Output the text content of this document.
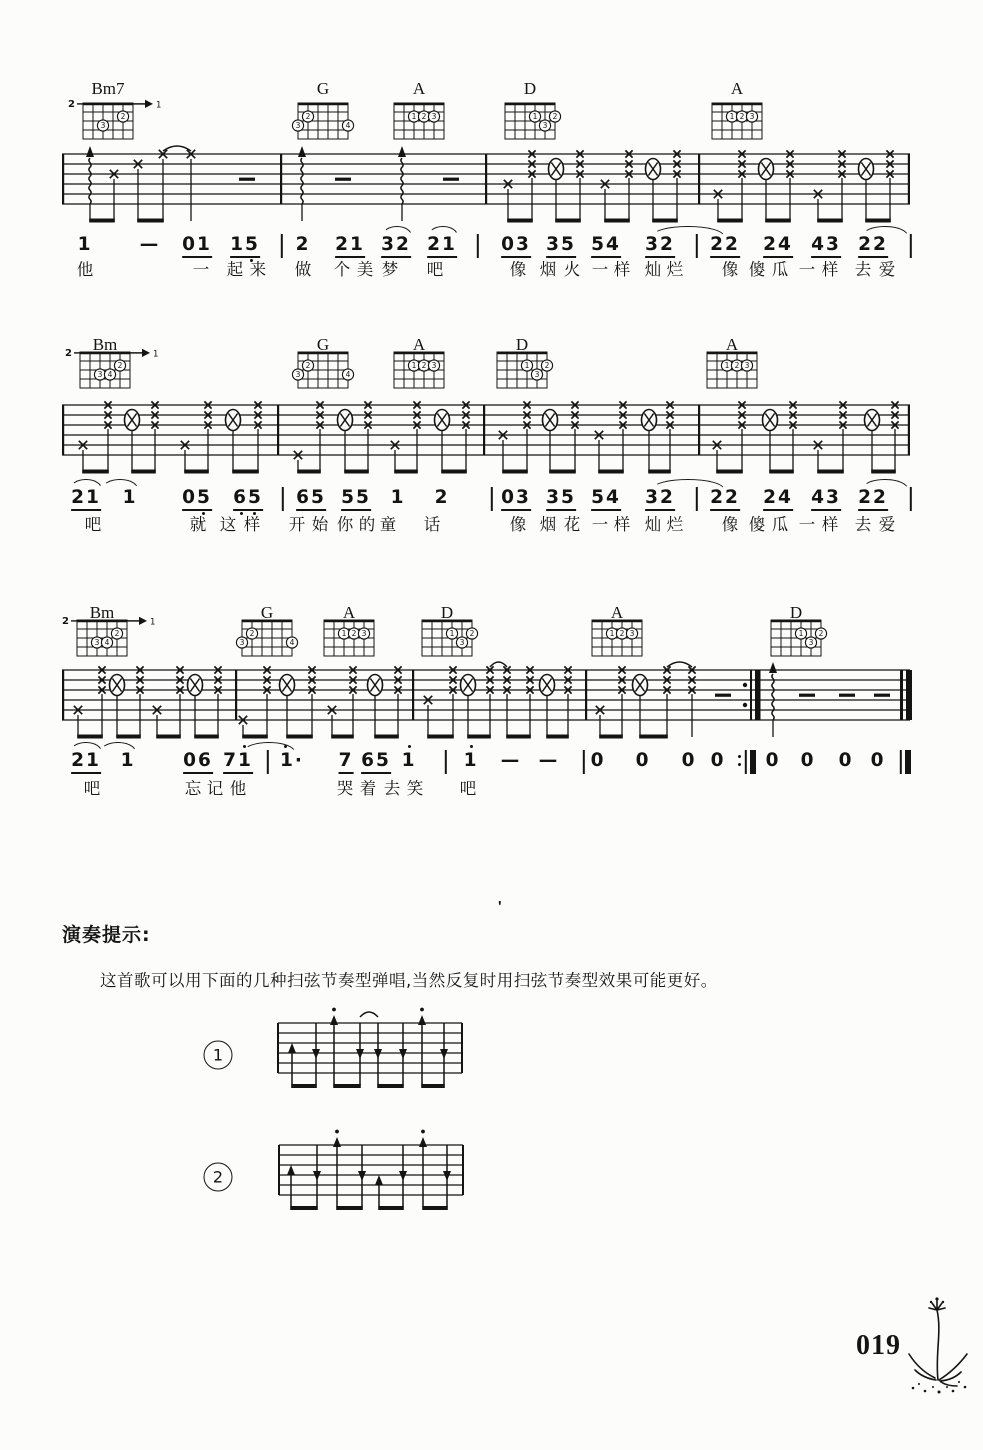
Bm7
2
3
2	1
G
2
3	4
A
1 2 3
D
1 2
3
A
1 2 3
1	— 01 15 2 21 32 21 03 35 54 32 22 24 43 22
他	一 起 来 做 个 美 梦 吧	像 烟 火 一 样 灿 烂 像 傻 瓜 一 样 去 爱
Bm
2
3 4
2	1
G
2
3	4
A
1 2 3
D
1 2
3
A
1 2 3
21 1 05 65 65 55 1 2	03 35 54 32 22 24 43 22
吧	就 这 样 开 始 你 的 童 话	像 烟 花 一 样 灿 烂 像 傻 瓜 一 样 去 爱
Bm
2
3 4
2	1
G
2
3	4
A
1 2 3
D
1 2
3
A
1 2 3
D
1 2
3
21 1	06 71 1· 7 65 1	1 — — 0 0 0 0 0 0 0 0
吧	忘 记 他	哭 着 去 笑 吧
演奏提示:
这首歌可以用下面的几种扫弦节奏型弹唱,当然反复时用扫弦节奏型效果可能更好。
'
1
2
019
